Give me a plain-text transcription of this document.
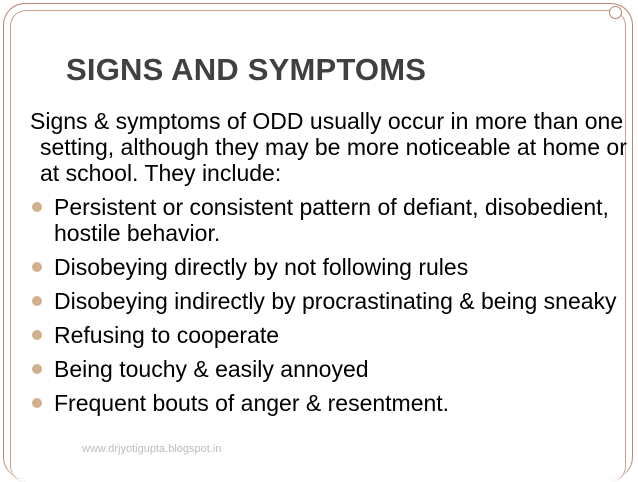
SIGNS AND SYMPTOMS

Signs & symptoms of ODD usually occur in more than one setting, although they may be more noticeable at home or at school. They include:

Persistent or consistent pattern of defiant, disobedient, hostile behavior.
Disobeying directly by not following rules
Disobeying indirectly by procrastinating & being sneaky
Refusing to cooperate
Being touchy & easily annoyed
Frequent bouts of anger & resentment.
www.drjyotigupta.blogspot.in
